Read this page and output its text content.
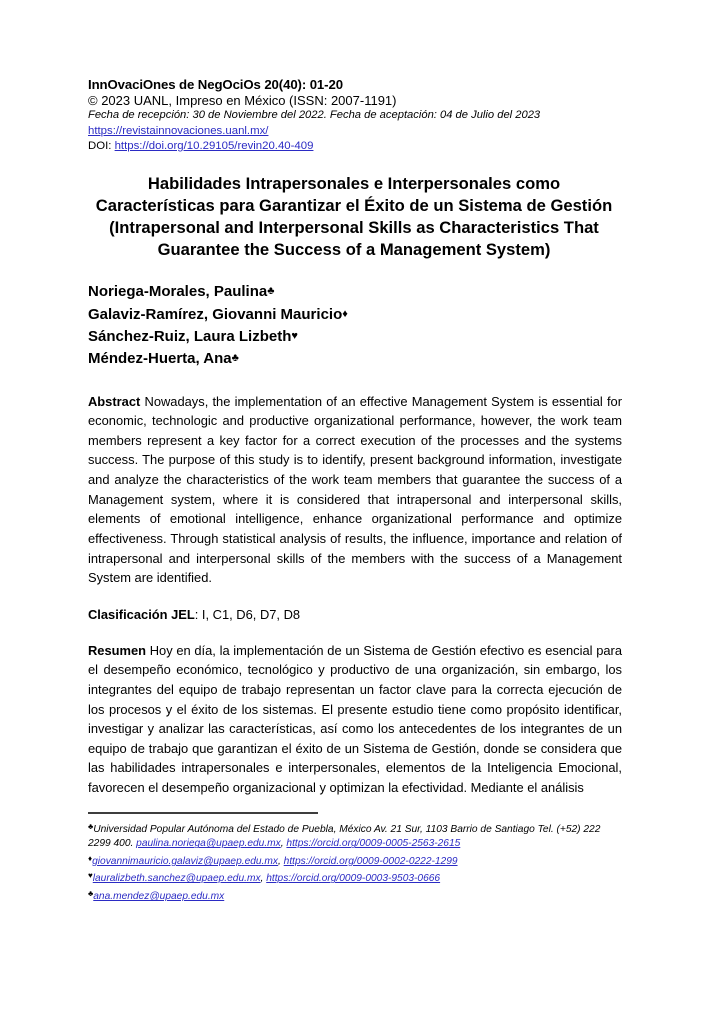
InnOvaciOnes de NegOciOs 20(40): 01-20
© 2023 UANL, Impreso en México (ISSN: 2007-1191)
Fecha de recepción: 30 de Noviembre del 2022. Fecha de aceptación: 04 de Julio del 2023
https://revistainnovaciones.uanl.mx/
DOI: https://doi.org/10.29105/revin20.40-409
Habilidades Intrapersonales e Interpersonales como Características para Garantizar el Éxito de un Sistema de Gestión
(Intrapersonal and Interpersonal Skills as Characteristics That Guarantee the Success of a Management System)
Noriega-Morales, Paulina♣
Galaviz-Ramírez, Giovanni Mauricio♦
Sánchez-Ruiz, Laura Lizbeth♥
Méndez-Huerta, Ana♣
Abstract Nowadays, the implementation of an effective Management System is essential for economic, technologic and productive organizational performance, however, the work team members represent a key factor for a correct execution of the processes and the systems success. The purpose of this study is to identify, present background information, investigate and analyze the characteristics of the work team members that guarantee the success of a Management system, where it is considered that intrapersonal and interpersonal skills, elements of emotional intelligence, enhance organizational performance and optimize effectiveness. Through statistical analysis of results, the influence, importance and relation of intrapersonal and interpersonal skills of the members with the success of a Management System are identified.
Clasificación JEL: I, C1, D6, D7, D8
Resumen Hoy en día, la implementación de un Sistema de Gestión efectivo es esencial para el desempeño económico, tecnológico y productivo de una organización, sin embargo, los integrantes del equipo de trabajo representan un factor clave para la correcta ejecución de los procesos y el éxito de los sistemas. El presente estudio tiene como propósito identificar, investigar y analizar las características, así como los antecedentes de los integrantes de un equipo de trabajo que garantizan el éxito de un Sistema de Gestión, donde se considera que las habilidades intrapersonales e interpersonales, elementos de la Inteligencia Emocional, favorecen el desempeño organizacional y optimizan la efectividad. Mediante el análisis
♣Universidad Popular Autónoma del Estado de Puebla, México Av. 21 Sur, 1103 Barrio de Santiago Tel. (+52) 222 2299 400. paulina.noriega@upaep.edu.mx, https://orcid.org/0009-0005-2563-2615
♦giovannimauricio.galaviz@upaep.edu.mx, https://orcid.org/0009-0002-0222-1299
♥lauralizbeth.sanchez@upaep.edu.mx, https://orcid.org/0009-0003-9503-0666
♣ana.mendez@upaep.edu.mx
